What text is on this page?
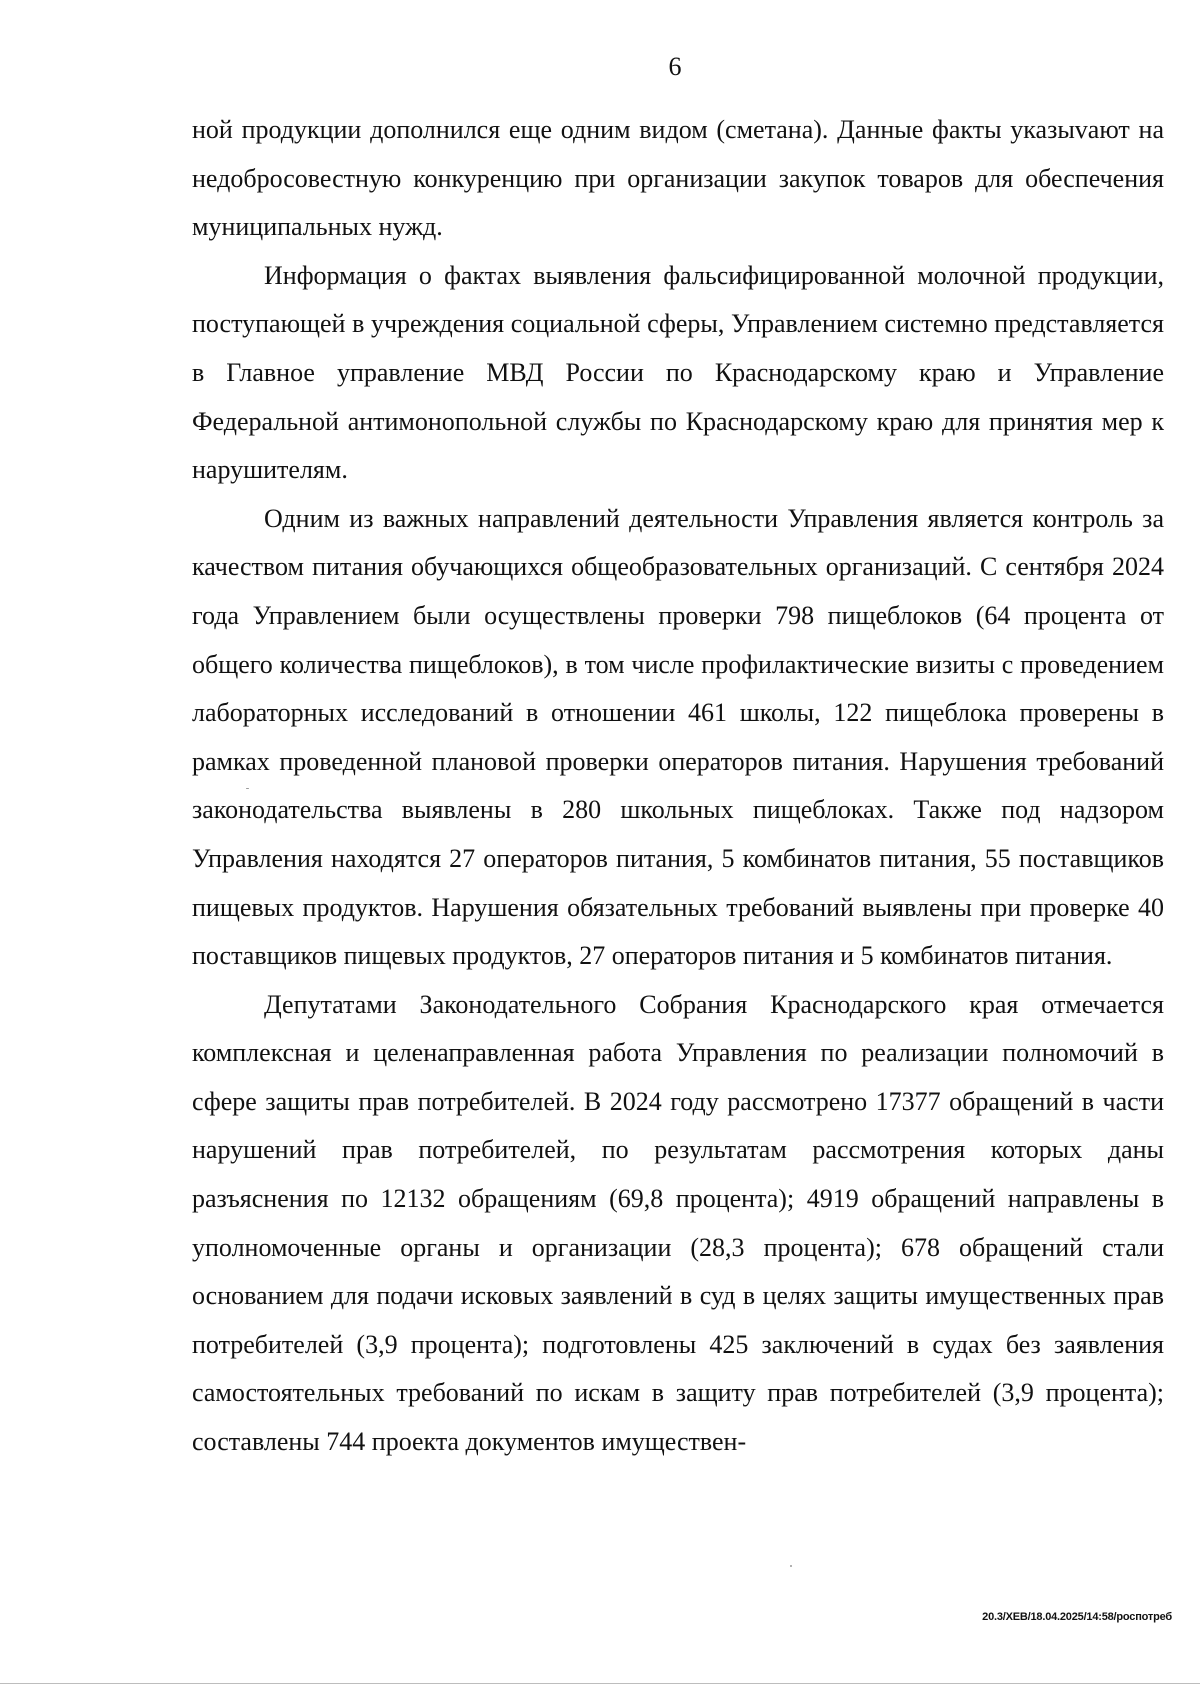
6

ной продукции дополнился еще одним видом (сметана). Данные факты указыvают на недобросовестную конкуренцию при организации закупок товаров для обеспечения муниципальных нужд.

Информация о фактах выявления фальсифицированной молочной продукции, поступающей в учреждения социальной сферы, Управлением системно представляется в Главное управление МВД России по Краснодарскому краю и Управление Федеральной антимонопольной службы по Краснодарскому краю для принятия мер к нарушителям.

Одним из важных направлений деятельности Управления является контроль за качеством питания обучающихся общеобразовательных организаций. С сентября 2024 года Управлением были осуществлены проверки 798 пищеблоков (64 процента от общего количества пищеблоков), в том числе профилактические визиты с проведением лабораторных исследований в отношении 461 школы, 122 пищеблока проверены в рамках проведенной плановой проверки операторов питания. Нарушения требований законодательства выявлены в 280 школьных пищеблоках. Также под надзором Управления находятся 27 операторов питания, 5 комбинатов питания, 55 поставщиков пищевых продуктов. Нарушения обязательных требований выявлены при проверке 40 поставщиков пищевых продуктов, 27 операторов питания и 5 комбинатов питания.

Депутатами Законодательного Собрания Краснодарского края отмечается комплексная и целенаправленная работа Управления по реализации полномочий в сфере защиты прав потребителей. В 2024 году рассмотрено 17377 обращений в части нарушений прав потребителей, по результатам рассмотрения которых даны разъяснения по 12132 обращениям (69,8 процента); 4919 обращений направлены в уполномоченные органы и организации (28,3 процента); 678 обращений стали основанием для подачи исковых заявлений в суд в целях защиты имущественных прав потребителей (3,9 процента); подготовлены 425 заключений в судах без заявления самостоятельных требований по искам в защиту прав потребителей (3,9 процента); составлены 744 проекта документов имуществен-

20.3/ХЕВ/18.04.2025/14:58/роспотреб
